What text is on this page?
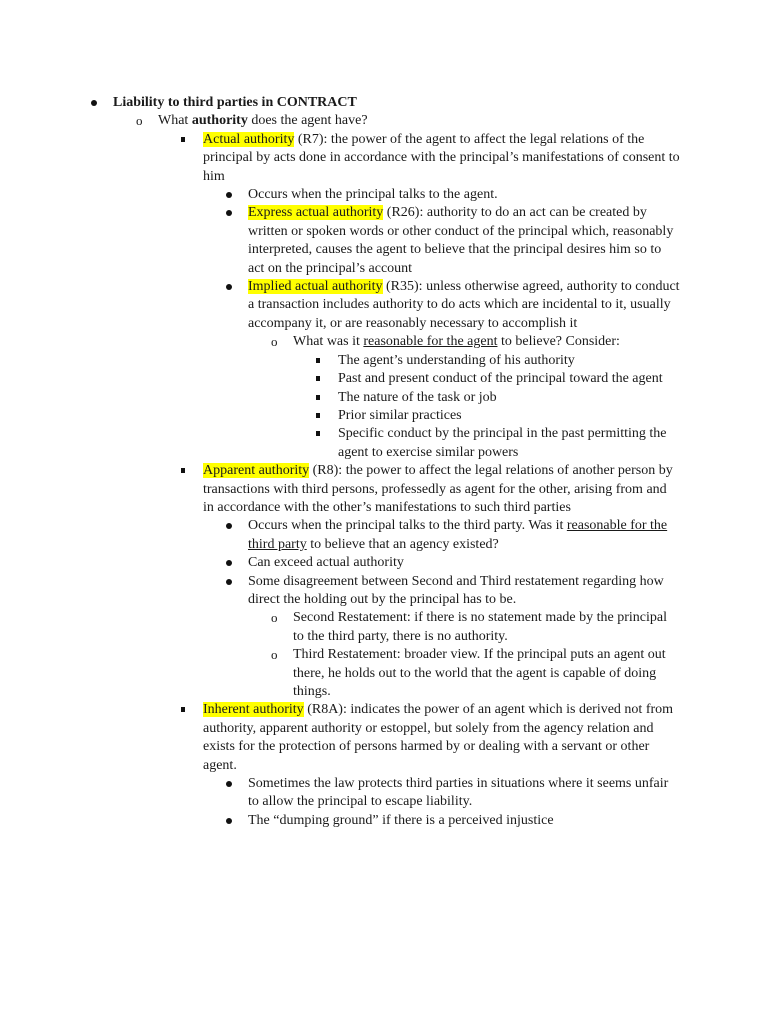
Liability to third parties in CONTRACT
What authority does the agent have?
Actual authority (R7): the power of the agent to affect the legal relations of the principal by acts done in accordance with the principal’s manifestations of consent to him
Occurs when the principal talks to the agent.
Express actual authority (R26): authority to do an act can be created by written or spoken words or other conduct of the principal which, reasonably interpreted, causes the agent to believe that the principal desires him so to act on the principal’s account
Implied actual authority (R35): unless otherwise agreed, authority to conduct a transaction includes authority to do acts which are incidental to it, usually accompany it, or are reasonably necessary to accomplish it
What was it reasonable for the agent to believe? Consider:
The agent’s understanding of his authority
Past and present conduct of the principal toward the agent
The nature of the task or job
Prior similar practices
Specific conduct by the principal in the past permitting the agent to exercise similar powers
Apparent authority (R8): the power to affect the legal relations of another person by transactions with third persons, professedly as agent for the other, arising from and in accordance with the other’s manifestations to such third parties
Occurs when the principal talks to the third party. Was it reasonable for the third party to believe that an agency existed?
Can exceed actual authority
Some disagreement between Second and Third restatement regarding how direct the holding out by the principal has to be.
Second Restatement: if there is no statement made by the principal to the third party, there is no authority.
Third Restatement: broader view. If the principal puts an agent out there, he holds out to the world that the agent is capable of doing things.
Inherent authority (R8A): indicates the power of an agent which is derived not from authority, apparent authority or estoppel, but solely from the agency relation and exists for the protection of persons harmed by or dealing with a servant or other agent.
Sometimes the law protects third parties in situations where it seems unfair to allow the principal to escape liability.
The “dumping ground” if there is a perceived injustice
